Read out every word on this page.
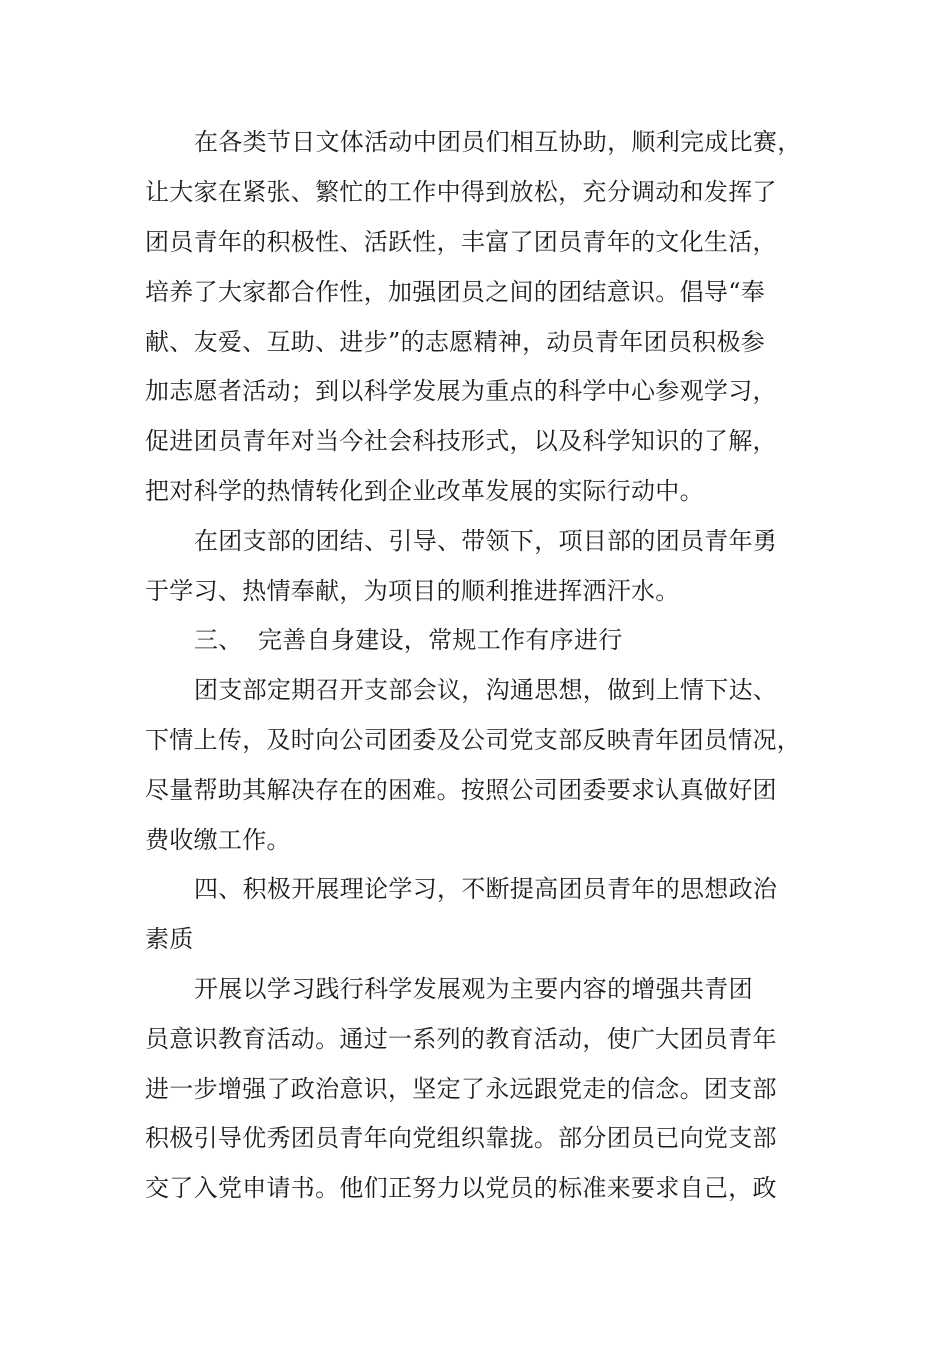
在各类节日文体活动中团员们相互协助，顺利完成比赛，
让大家在紧张、繁忙的工作中得到放松，充分调动和发挥了
团员青年的积极性、活跃性，丰富了团员青年的文化生活，
培养了大家都合作性，加强团员之间的团结意识。倡导“奉
献、友爱、互助、进步”的志愿精神，动员青年团员积极参
加志愿者活动；到以科学发展为重点的科学中心参观学习，
促进团员青年对当今社会科技形式，以及科学知识的了解，
把对科学的热情转化到企业改革发展的实际行动中。
在团支部的团结、引导、带领下，项目部的团员青年勇
于学习、热情奉献，为项目的顺利推进挥洒汗水。
三、 完善自身建设，常规工作有序进行
团支部定期召开支部会议，沟通思想，做到上情下达、
下情上传，及时向公司团委及公司党支部反映青年团员情况，
尽量帮助其解决存在的困难。按照公司团委要求认真做好团
费收缴工作。
四、积极开展理论学习，不断提高团员青年的思想政治
素质
开展以学习践行科学发展观为主要内容的增强共青团
员意识教育活动。通过一系列的教育活动，使广大团员青年
进一步增强了政治意识，坚定了永远跟党走的信念。团支部
积极引导优秀团员青年向党组织靠拢。部分团员已向党支部
交了入党申请书。他们正努力以党员的标准来要求自己，政
